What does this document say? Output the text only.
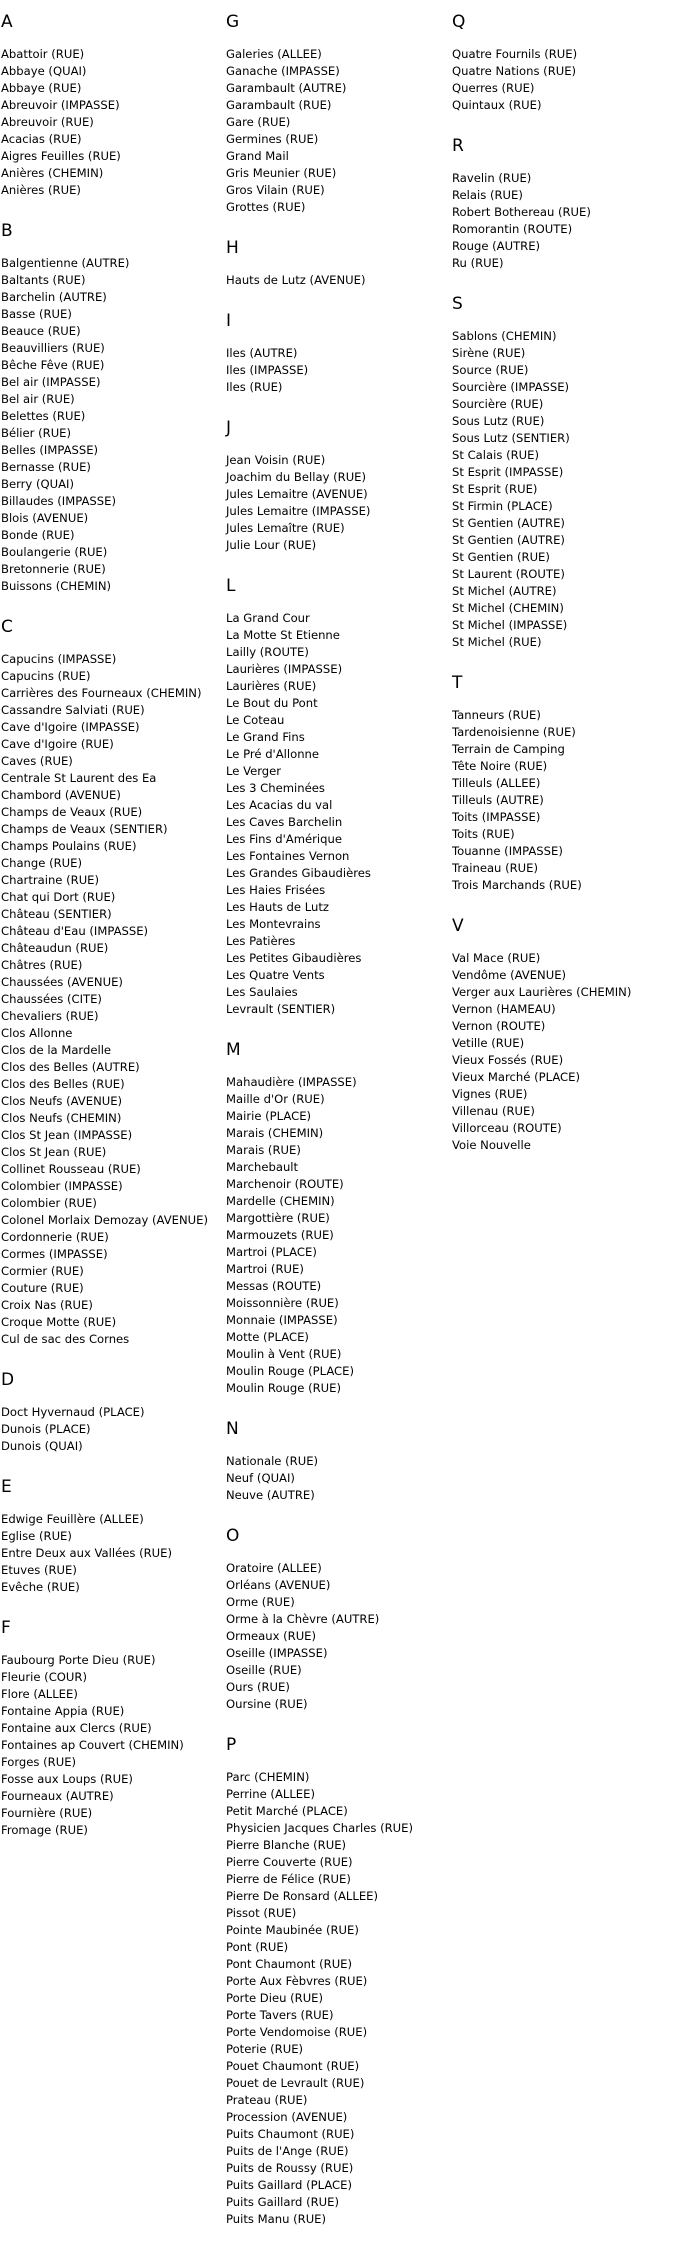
A
Abattoir (RUE)
Abbaye (QUAI)
Abbaye (RUE)
Abreuvoir (IMPASSE)
Abreuvoir (RUE)
Acacias (RUE)
Aigres Feuilles (RUE)
Anières (CHEMIN)
Anières (RUE)
B
Balgentienne (AUTRE)
Baltants (RUE)
Barchelin (AUTRE)
Basse (RUE)
Beauce (RUE)
Beauvilliers (RUE)
Bêche Fêve (RUE)
Bel air (IMPASSE)
Bel air (RUE)
Belettes (RUE)
Bélier (RUE)
Belles (IMPASSE)
Bernasse (RUE)
Berry (QUAI)
Billaudes (IMPASSE)
Blois (AVENUE)
Bonde (RUE)
Boulangerie (RUE)
Bretonnerie (RUE)
Buissons (CHEMIN)
C
Capucins (IMPASSE)
Capucins (RUE)
Carrières des Fourneaux (CHEMIN)
Cassandre Salviati (RUE)
Cave d'Igoire (IMPASSE)
Cave d'Igoire (RUE)
Caves (RUE)
Centrale St Laurent des Ea
Chambord (AVENUE)
Champs de Veaux (RUE)
Champs de Veaux (SENTIER)
Champs Poulains (RUE)
Change (RUE)
Chartraine (RUE)
Chat qui Dort (RUE)
Château (SENTIER)
Château d'Eau (IMPASSE)
Châteaudun (RUE)
Châtres (RUE)
Chaussées (AVENUE)
Chaussées (CITE)
Chevaliers (RUE)
Clos Allonne
Clos de la Mardelle
Clos des Belles (AUTRE)
Clos des Belles (RUE)
Clos Neufs (AVENUE)
Clos Neufs (CHEMIN)
Clos St Jean (IMPASSE)
Clos St Jean (RUE)
Collinet Rousseau (RUE)
Colombier (IMPASSE)
Colombier (RUE)
Colonel Morlaix Demozay (AVENUE)
Cordonnerie (RUE)
Cormes (IMPASSE)
Cormier (RUE)
Couture (RUE)
Croix Nas (RUE)
Croque Motte (RUE)
Cul de sac des Cornes
D
Doct Hyvernaud (PLACE)
Dunois (PLACE)
Dunois (QUAI)
E
Edwige Feuillère (ALLEE)
Eglise (RUE)
Entre Deux aux Vallées (RUE)
Etuves (RUE)
Evêche (RUE)
F
Faubourg Porte Dieu (RUE)
Fleurie (COUR)
Flore (ALLEE)
Fontaine Appia (RUE)
Fontaine aux Clercs (RUE)
Fontaines ap Couvert (CHEMIN)
Forges (RUE)
Fosse aux Loups (RUE)
Fourneaux (AUTRE)
Fournière (RUE)
Fromage (RUE)
G
Galeries (ALLEE)
Ganache (IMPASSE)
Garambault (AUTRE)
Garambault (RUE)
Gare (RUE)
Germines (RUE)
Grand Mail
Gris Meunier (RUE)
Gros Vilain (RUE)
Grottes (RUE)
H
Hauts de Lutz (AVENUE)
I
Iles (AUTRE)
Iles (IMPASSE)
Iles (RUE)
J
Jean Voisin (RUE)
Joachim du Bellay (RUE)
Jules Lemaitre (AVENUE)
Jules Lemaitre (IMPASSE)
Jules Lemaître (RUE)
Julie Lour (RUE)
L
La Grand Cour
La Motte St Etienne
Lailly (ROUTE)
Laurières (IMPASSE)
Laurières (RUE)
Le Bout du Pont
Le Coteau
Le Grand Fins
Le Pré d'Allonne
Le Verger
Les 3 Cheminées
Les Acacias du val
Les Caves Barchelin
Les Fins d'Amérique
Les Fontaines Vernon
Les Grandes Gibaudières
Les Haies Frisées
Les Hauts de Lutz
Les Montevrains
Les Patières
Les Petites Gibaudières
Les Quatre Vents
Les Saulaies
Levrault (SENTIER)
M
Mahaudière (IMPASSE)
Maille d'Or (RUE)
Mairie (PLACE)
Marais (CHEMIN)
Marais (RUE)
Marchebault
Marchenoir (ROUTE)
Mardelle (CHEMIN)
Margottière (RUE)
Marmouzets (RUE)
Martroi (PLACE)
Martroi (RUE)
Messas (ROUTE)
Moissonnière (RUE)
Monnaie (IMPASSE)
Motte (PLACE)
Moulin à Vent (RUE)
Moulin Rouge (PLACE)
Moulin Rouge (RUE)
N
Nationale (RUE)
Neuf (QUAI)
Neuve (AUTRE)
O
Oratoire (ALLEE)
Orléans (AVENUE)
Orme (RUE)
Orme à la Chèvre (AUTRE)
Ormeaux (RUE)
Oseille (IMPASSE)
Oseille (RUE)
Ours (RUE)
Oursine (RUE)
P
Parc (CHEMIN)
Perrine (ALLEE)
Petit Marché (PLACE)
Physicien Jacques Charles (RUE)
Pierre Blanche (RUE)
Pierre Couverte (RUE)
Pierre de Félice (RUE)
Pierre De Ronsard (ALLEE)
Pissot (RUE)
Pointe Maubinée (RUE)
Pont (RUE)
Pont Chaumont (RUE)
Porte Aux Fèbvres (RUE)
Porte Dieu (RUE)
Porte Tavers (RUE)
Porte Vendomoise (RUE)
Poterie (RUE)
Pouet Chaumont (RUE)
Pouet de Levrault (RUE)
Prateau (RUE)
Procession (AVENUE)
Puits Chaumont (RUE)
Puits de l'Ange (RUE)
Puits de Roussy (RUE)
Puits Gaillard (PLACE)
Puits Gaillard (RUE)
Puits Manu (RUE)
Q
Quatre Fournils (RUE)
Quatre Nations (RUE)
Querres (RUE)
Quintaux (RUE)
R
Ravelin (RUE)
Relais (RUE)
Robert Bothereau (RUE)
Romorantin (ROUTE)
Rouge (AUTRE)
Ru (RUE)
S
Sablons (CHEMIN)
Sirène (RUE)
Source (RUE)
Sourcière (IMPASSE)
Sourcière (RUE)
Sous Lutz (RUE)
Sous Lutz (SENTIER)
St Calais (RUE)
St Esprit (IMPASSE)
St Esprit (RUE)
St Firmin (PLACE)
St Gentien (AUTRE)
St Gentien (AUTRE)
St Gentien (RUE)
St Laurent (ROUTE)
St Michel (AUTRE)
St Michel (CHEMIN)
St Michel (IMPASSE)
St Michel (RUE)
T
Tanneurs (RUE)
Tardenoisienne (RUE)
Terrain de Camping
Tête Noire (RUE)
Tilleuls (ALLEE)
Tilleuls (AUTRE)
Toits (IMPASSE)
Toits (RUE)
Touanne (IMPASSE)
Traineau (RUE)
Trois Marchands (RUE)
V
Val Mace (RUE)
Vendôme (AVENUE)
Verger aux Laurières (CHEMIN)
Vernon (HAMEAU)
Vernon (ROUTE)
Vetille (RUE)
Vieux Fossés (RUE)
Vieux Marché (PLACE)
Vignes (RUE)
Villenau (RUE)
Villorceau (ROUTE)
Voie Nouvelle
